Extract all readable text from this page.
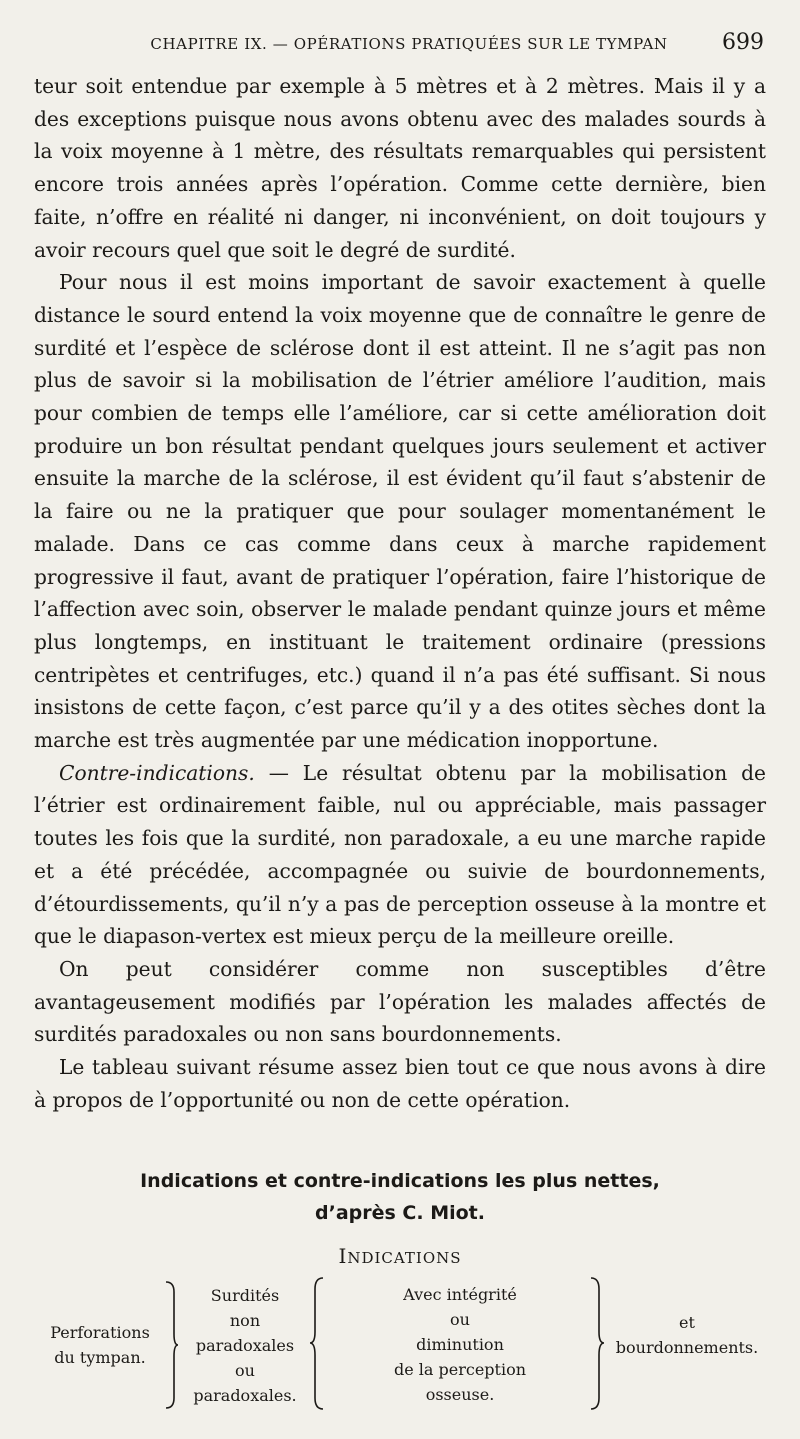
CHAPITRE IX. — OPÉRATIONS PRATIQUÉES SUR LE TYMPAN	699

teur soit entendue par exemple à 5 mètres et à 2 mètres. Mais il y a des exceptions puisque nous avons obtenu avec des malades sourds à la voix moyenne à 1 mètre, des résultats remarquables qui persistent encore trois années après l’opération. Comme cette dernière, bien faite, n’offre en réalité ni danger, ni inconvénient, on doit toujours y avoir recours quel que soit le degré de surdité.

Pour nous il est moins important de savoir exactement à quelle distance le sourd entend la voix moyenne que de connaître le genre de surdité et l’espèce de sclérose dont il est atteint. Il ne s’agit pas non plus de savoir si la mobilisation de l’étrier améliore l’audition, mais pour combien de temps elle l’améliore, car si cette amélioration doit produire un bon résultat pendant quelques jours seulement et activer ensuite la marche de la sclérose, il est évident qu’il faut s’abstenir de la faire ou ne la pratiquer que pour soulager momentanément le malade. Dans ce cas comme dans ceux à marche rapidement progressive il faut, avant de pratiquer l’opération, faire l’historique de l’affection avec soin, observer le malade pendant quinze jours et même plus longtemps, en instituant le traitement ordinaire (pressions centripètes et centrifuges, etc.) quand il n’a pas été suffisant. Si nous insistons de cette façon, c’est parce qu’il y a des otites sèches dont la marche est très augmentée par une médication inopportune.

Contre-indications. — Le résultat obtenu par la mobilisation de l’étrier est ordinairement faible, nul ou appréciable, mais passager toutes les fois que la surdité, non paradoxale, a eu une marche rapide et a été précédée, accompagnée ou suivie de bourdonnements, d’étourdissements, qu’il n’y a pas de perception osseuse à la montre et que le diapason-vertex est mieux perçu de la meilleure oreille.

On peut considérer comme non susceptibles d’être avantageusement modifiés par l’opération les malades affectés de surdités paradoxales ou non sans bourdonnements.

Le tableau suivant résume assez bien tout ce que nous avons à dire à propos de l’opportunité ou non de cette opération.

Indications et contre-indications les plus nettes,
d’après C. Miot.
INDICATIONS
Perforations
du tympan.
Surdités
non
paradoxales
ou
paradoxales.
Avec intégrité
ou
diminution
de la perception
osseuse.
et
bourdonnements.
